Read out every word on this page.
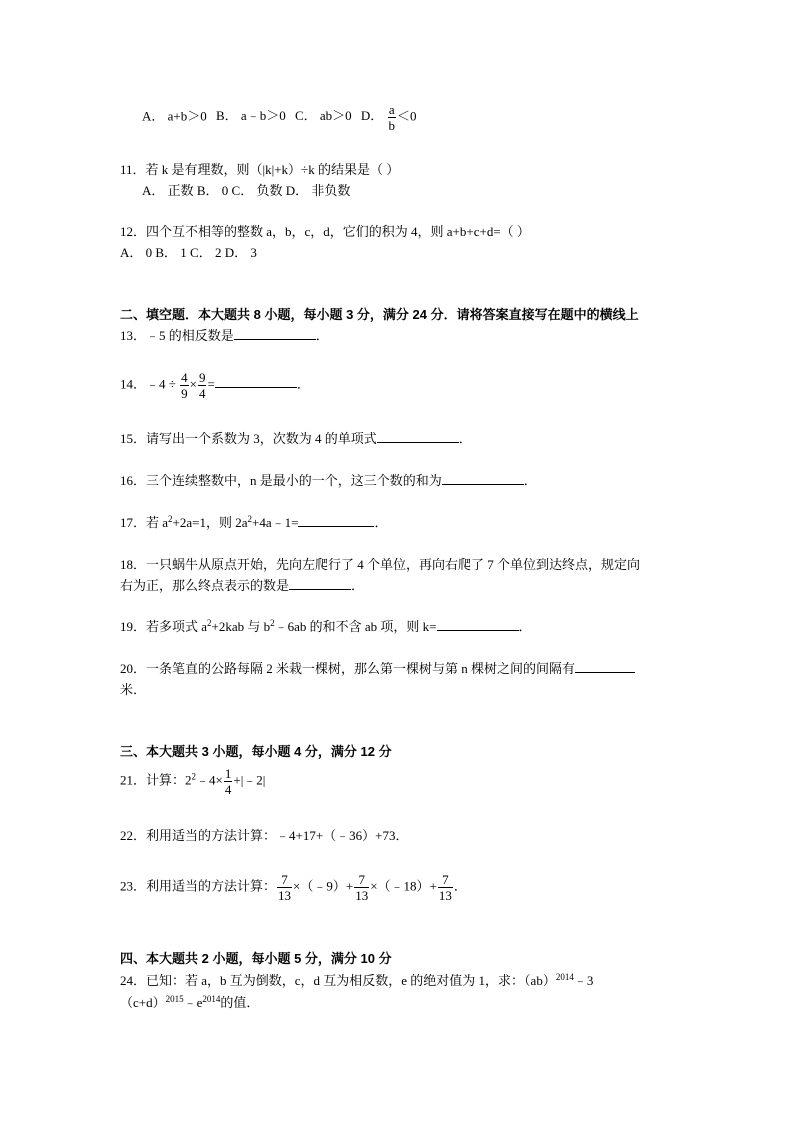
A． a+b＞0 B． a﹣b＞0 C． ab＞0 D． $\frac{a}{b} <0$
11．若 k 是有理数，则（|k|+k）÷k 的结果是（ ）
A． 正数 B． 0 C． 负数 D． 非负数
12．四个互不相等的整数 a，b，c，d，它们的积为 4，则 a+b+c+d=（ ）
A． 0 B． 1 C． 2 D． 3
二、填空题．本大题共 8 小题，每小题 3 分，满分 24 分．请将答案直接写在题中的横线上
13．﹣5 的相反数是	．
14．﹣4 ÷ $\frac{4}{9} \times \frac{9}{4}$ =	．
15．请写出一个系数为 3，次数为 4 的单项式	．
16．三个连续整数中，n 是最小的一个，这三个数的和为	．
17．若 $a^2+2a=1$，则 $2a^2+4a﹣1=$	．
18．一只蜗牛从原点开始，先向左爬行了 4 个单位，再向右爬了 7 个单位到达终点，规定向
右为正，那么终点表示的数是	．
19．若多项式 $a^2+2kab$ 与 $b^2﹣6ab$ 的和不含 ab 项，则 k=	．
20．一条笔直的公路每隔 2 米栽一棵树，那么第一棵树与第 n 棵树之间的间隔有
米．
三、本大题共 3 小题，每小题 4 分，满分 12 分
21．计算：$2^2﹣4\times \frac{1}{4}$ +|﹣2|
22．利用适当的方法计算：﹣4+17+（﹣36）+73．
23．利用适当的方法计算： $\frac{7}{13}$ ×（﹣9）+ $\frac{7}{13}$ ×（﹣18）+ $\frac{7}{13}$ ．
四、本大题共 2 小题，每小题 5 分，满分 10 分
24．已知：若 a，b 互为倒数，c，d 互为相反数，e 的绝对值为 1，求：（ab）$^{2014}$﹣3
$(c+d)^{2015}﹣e^{2014}$的值．
